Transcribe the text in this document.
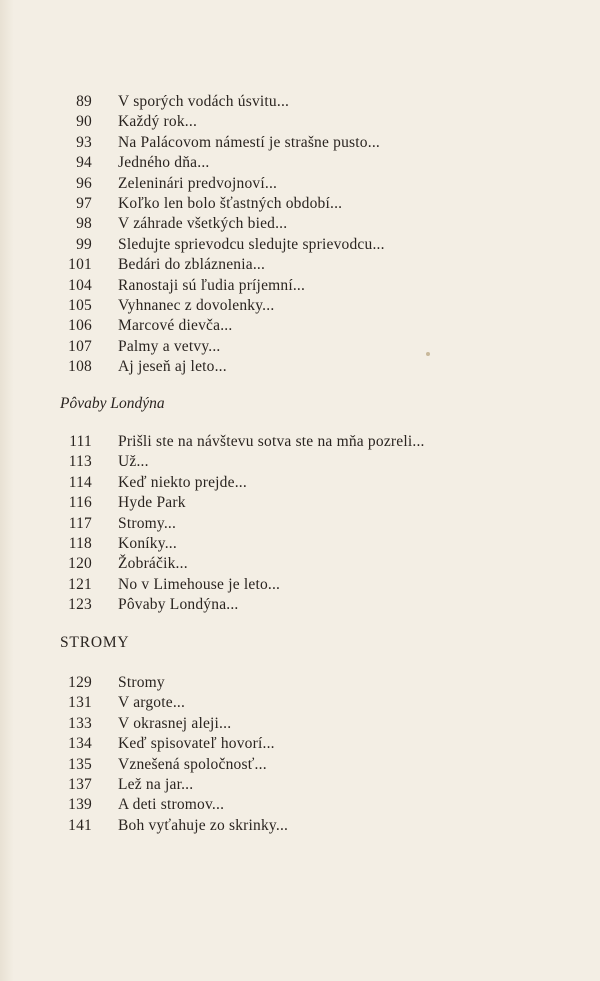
89 V sporých vodách úsvitu...
90 Každý rok...
93 Na Palácovom námestí je strašne pusto...
94 Jedného dňa...
96 Zeleninári predvojnoví...
97 Koľko len bolo šťastných období...
98 V záhrade všetkých bied...
99 Sledujte sprievodcu sledujte sprievodcu...
101 Bedári do zbláznenia...
104 Ranostaji sú ľudia príjemní...
105 Vyhnanec z dovolenky...
106 Marcové dievča...
107 Palmy a vetvy...
108 Aj jeseň aj leto...
Pôvaby Londýna
111 Prišli ste na návštevu sotva ste na mňa pozreli...
113 Už...
114 Keď niekto prejde...
116 Hyde Park
117 Stromy...
118 Koníky...
120 Žobráčik...
121 No v Limehouse je leto...
123 Pôvaby Londýna...
STROMY
129 Stromy
131 V argote...
133 V okrasnej aleji...
134 Keď spisovateľ hovorí...
135 Vznešená spoločnosť...
137 Lež na jar...
139 A deti stromov...
141 Boh vyťahuje zo skrinky...
